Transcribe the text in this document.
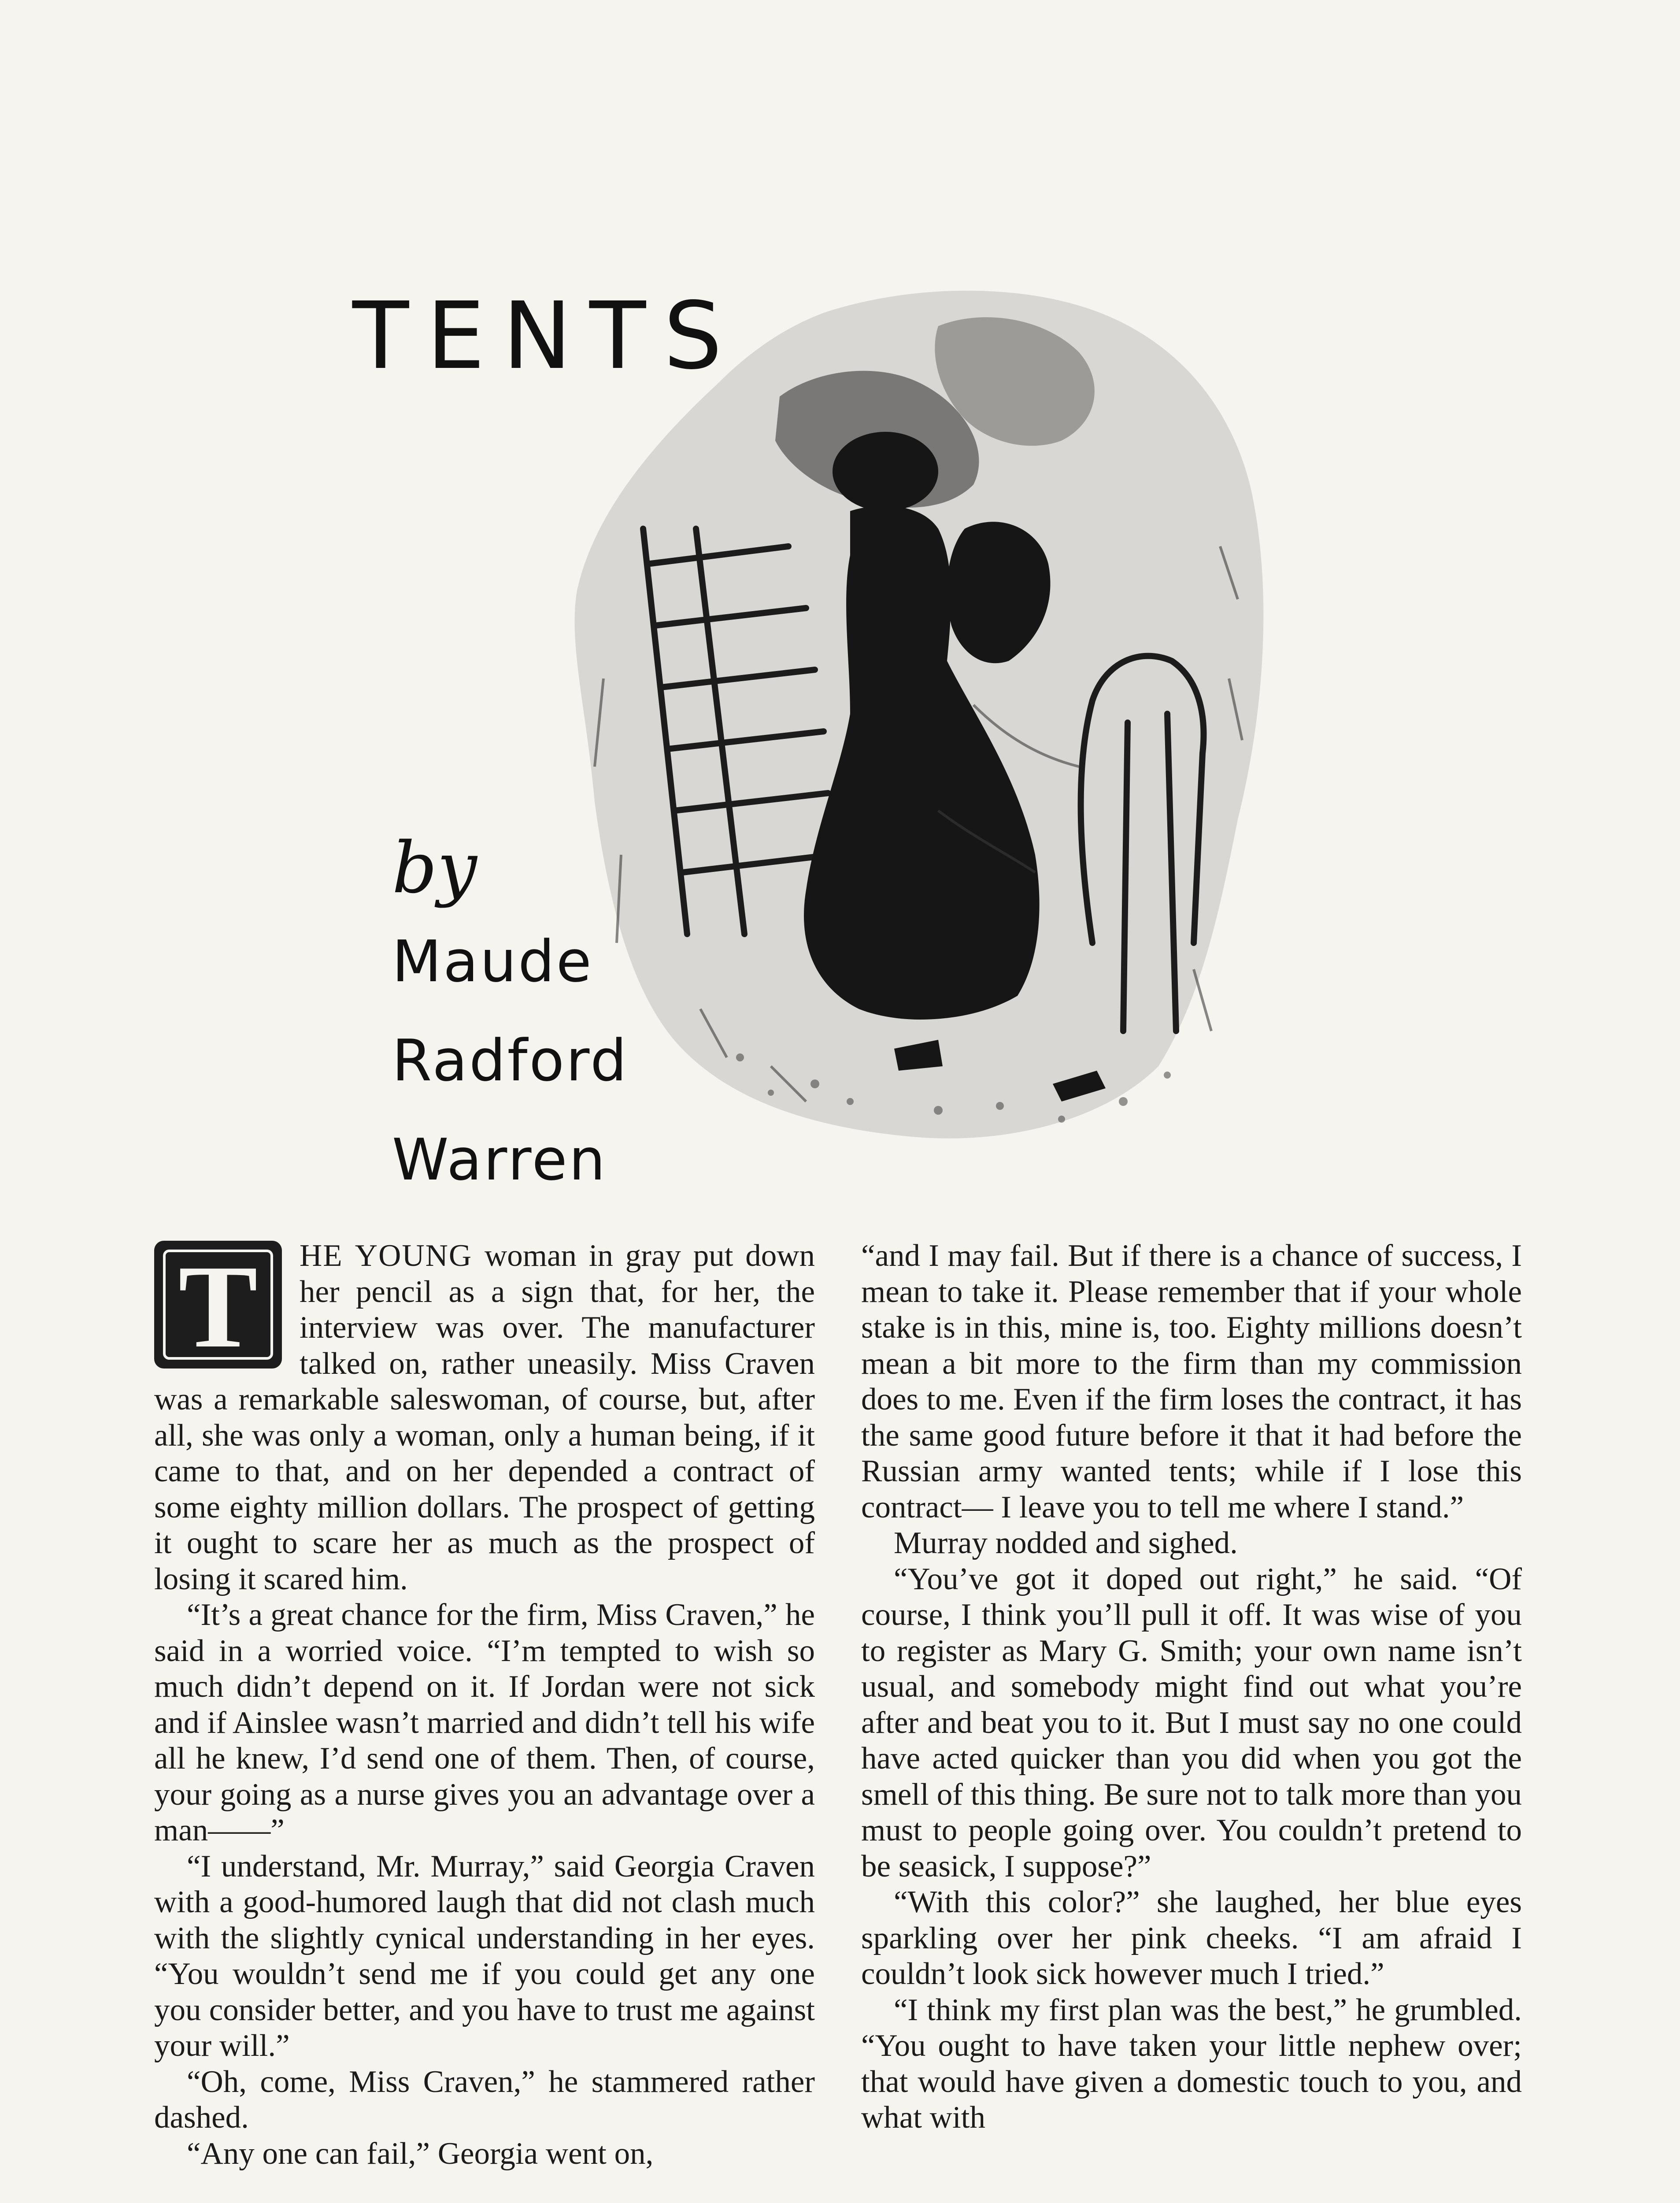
TENTS
by
Maude
Radford
Warren
T	HE YOUNG woman in gray put down her pencil as a sign that, for her, the interview was over. The manufacturer talked on, rather uneasily. Miss Craven was a remarkable saleswoman, of course, but, after all, she was only a woman, only a human being, if it came to that, and on her depended a contract of some eighty million dollars. The prospect of getting it ought to scare her as much as the prospect of losing it scared him.

“It’s a great chance for the firm, Miss Craven,” he said in a worried voice. “I’m tempted to wish so much didn’t depend on it. If Jordan were not sick and if Ainslee wasn’t married and didn’t tell his wife all he knew, I’d send one of them. Then, of course, your going as a nurse gives you an advantage over a man——”

“I understand, Mr. Murray,” said Georgia Craven with a good-humored laugh that did not clash much with the slightly cynical understanding in her eyes. “You wouldn’t send me if you could get any one you consider better, and you have to trust me against your will.”

“Oh, come, Miss Craven,” he stammered rather dashed.

“Any one can fail,” Georgia went on,

“and I may fail. But if there is a chance of success, I mean to take it. Please remember that if your whole stake is in this, mine is, too. Eighty millions doesn’t mean a bit more to the firm than my commission does to me. Even if the firm loses the contract, it has the same good future before it that it had before the Russian army wanted tents; while if I lose this contract— I leave you to tell me where I stand.”

Murray nodded and sighed.

“You’ve got it doped out right,” he said. “Of course, I think you’ll pull it off. It was wise of you to register as Mary G. Smith; your own name isn’t usual, and somebody might find out what you’re after and beat you to it. But I must say no one could have acted quicker than you did when you got the smell of this thing. Be sure not to talk more than you must to people going over. You couldn’t pretend to be seasick, I suppose?”

“With this color?” she laughed, her blue eyes sparkling over her pink cheeks. “I am afraid I couldn’t look sick however much I tried.”

“I think my first plan was the best,” he grumbled. “You ought to have taken your little nephew over; that would have given a domestic touch to you, and what with
